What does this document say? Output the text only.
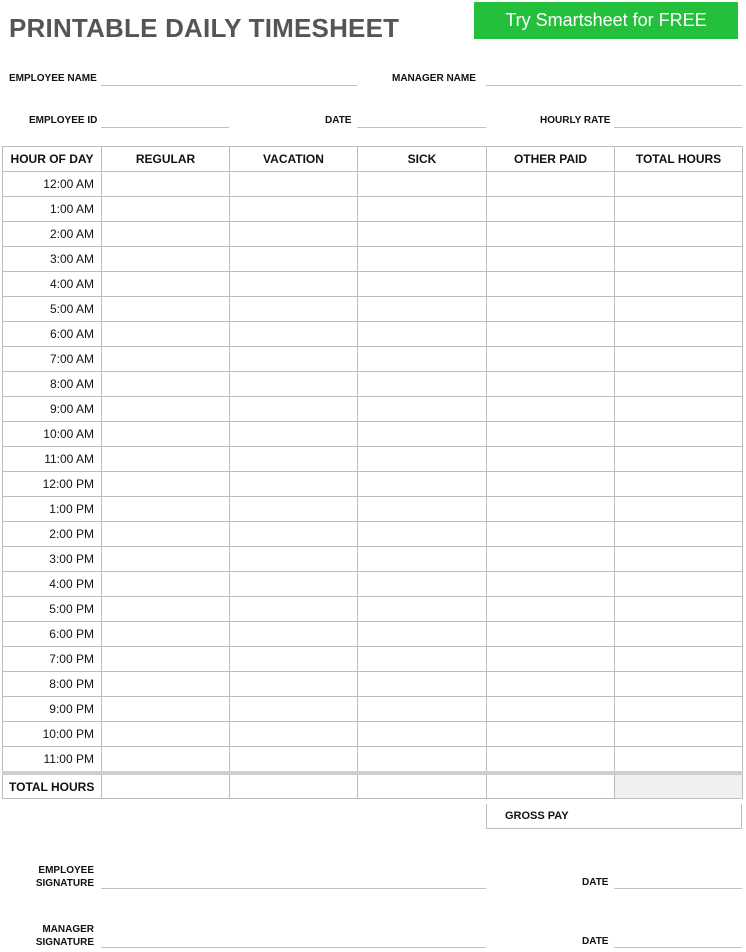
PRINTABLE DAILY TIMESHEET	Try Smartsheet for FREE
EMPLOYEE NAME	MANAGER NAME
EMPLOYEE ID	DATE	HOURLY RATE
HOUR OF DAY	REGULAR	VACATION	SICK	OTHER PAID	TOTAL HOURS
12:00 AM					
1:00 AM					
2:00 AM					
3:00 AM					
4:00 AM					
5:00 AM					
6:00 AM					
7:00 AM					
8:00 AM					
9:00 AM					
10:00 AM					
11:00 AM					
12:00 PM					
1:00 PM					
2:00 PM					
3:00 PM					
4:00 PM					
5:00 PM					
6:00 PM					
7:00 PM					
8:00 PM					
9:00 PM					
10:00 PM					
11:00 PM					
TOTAL HOURS					
GROSS PAY
EMPLOYEE
SIGNATURE	DATE
MANAGER
SIGNATURE	DATE
